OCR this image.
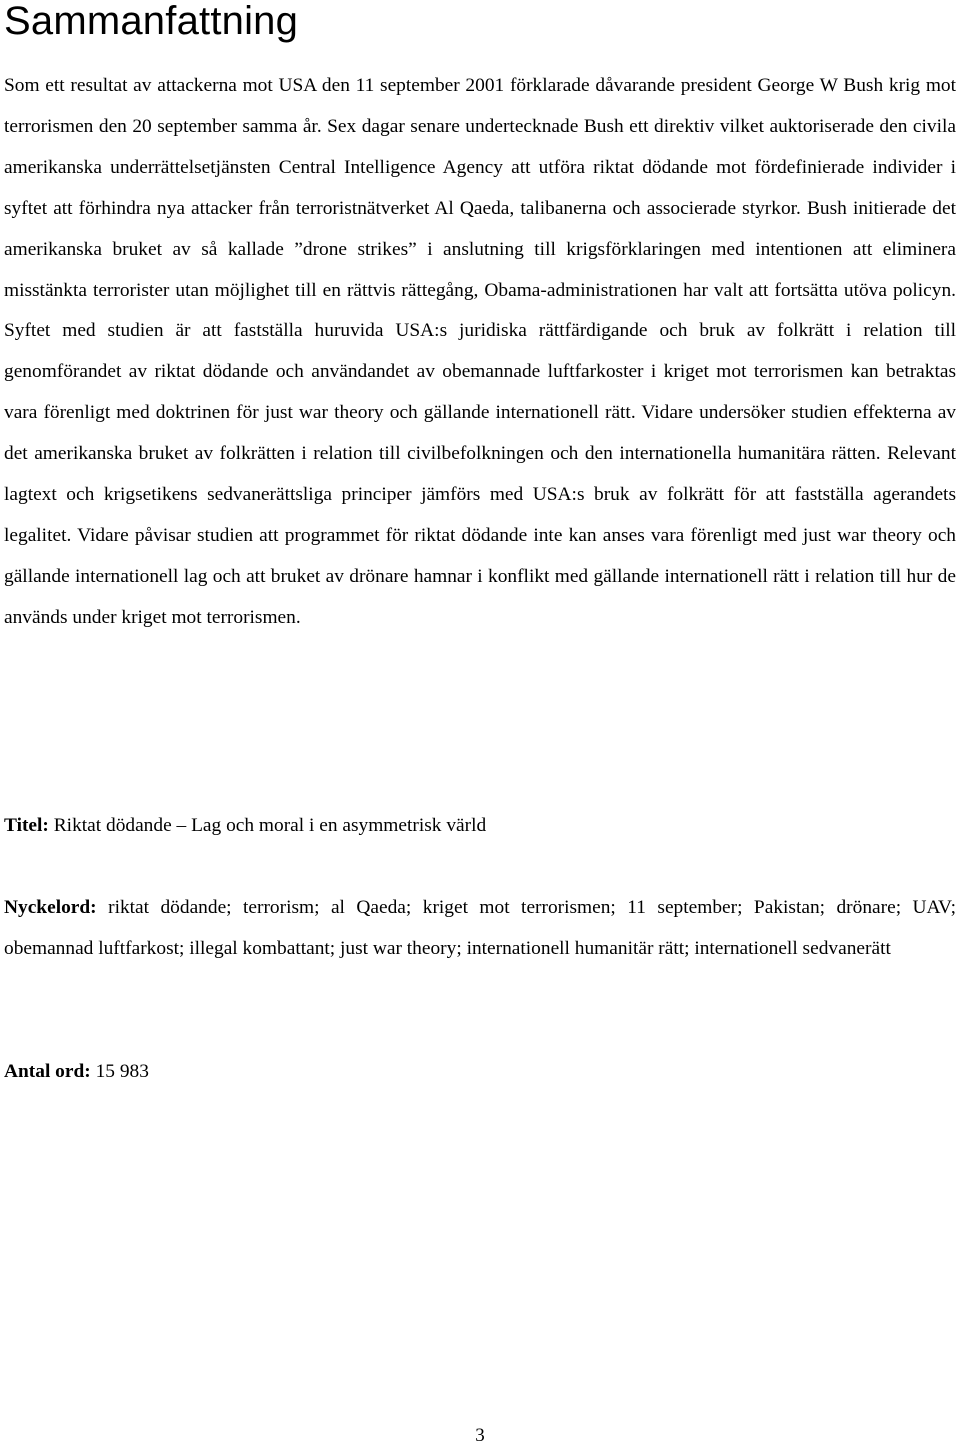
Sammanfattning

Som ett resultat av attackerna mot USA den 11 september 2001 förklarade dåvarande president George W Bush krig mot terrorismen den 20 september samma år. Sex dagar senare undertecknade Bush ett direktiv vilket auktoriserade den civila amerikanska underrättelsetjänsten Central Intelligence Agency att utföra riktat dödande mot fördefinierade individer i syftet att förhindra nya attacker från terroristnätverket Al Qaeda, talibanerna och associerade styrkor. Bush initierade det amerikanska bruket av så kallade ”drone strikes” i anslutning till krigsförklaringen med intentionen att eliminera misstänkta terrorister utan möjlighet till en rättvis rättegång, Obama-administrationen har valt att fortsätta utöva policyn. Syftet med studien är att fastställa huruvida USA:s juridiska rättfärdigande och bruk av folkrätt i relation till genomförandet av riktat dödande och användandet av obemannade luftfarkoster i kriget mot terrorismen kan betraktas vara förenligt med doktrinen för just war theory och gällande internationell rätt. Vidare undersöker studien effekterna av det amerikanska bruket av folkrätten i relation till civilbefolkningen och den internationella humanitära rätten. Relevant lagtext och krigsetikens sedvanerättsliga principer jämförs med USA:s bruk av folkrätt för att fastställa agerandets legalitet. Vidare påvisar studien att programmet för riktat dödande inte kan anses vara förenligt med just war theory och gällande internationell lag och att bruket av drönare hamnar i konflikt med gällande internationell rätt i relation till hur de används under kriget mot terrorismen.

Titel: Riktat dödande – Lag och moral i en asymmetrisk värld

Nyckelord: riktat dödande; terrorism; al Qaeda; kriget mot terrorismen; 11 september; Pakistan; drönare; UAV; obemannad luftfarkost; illegal kombattant; just war theory; internationell humanitär rätt; internationell sedvanerätt

Antal ord: 15 983

3
